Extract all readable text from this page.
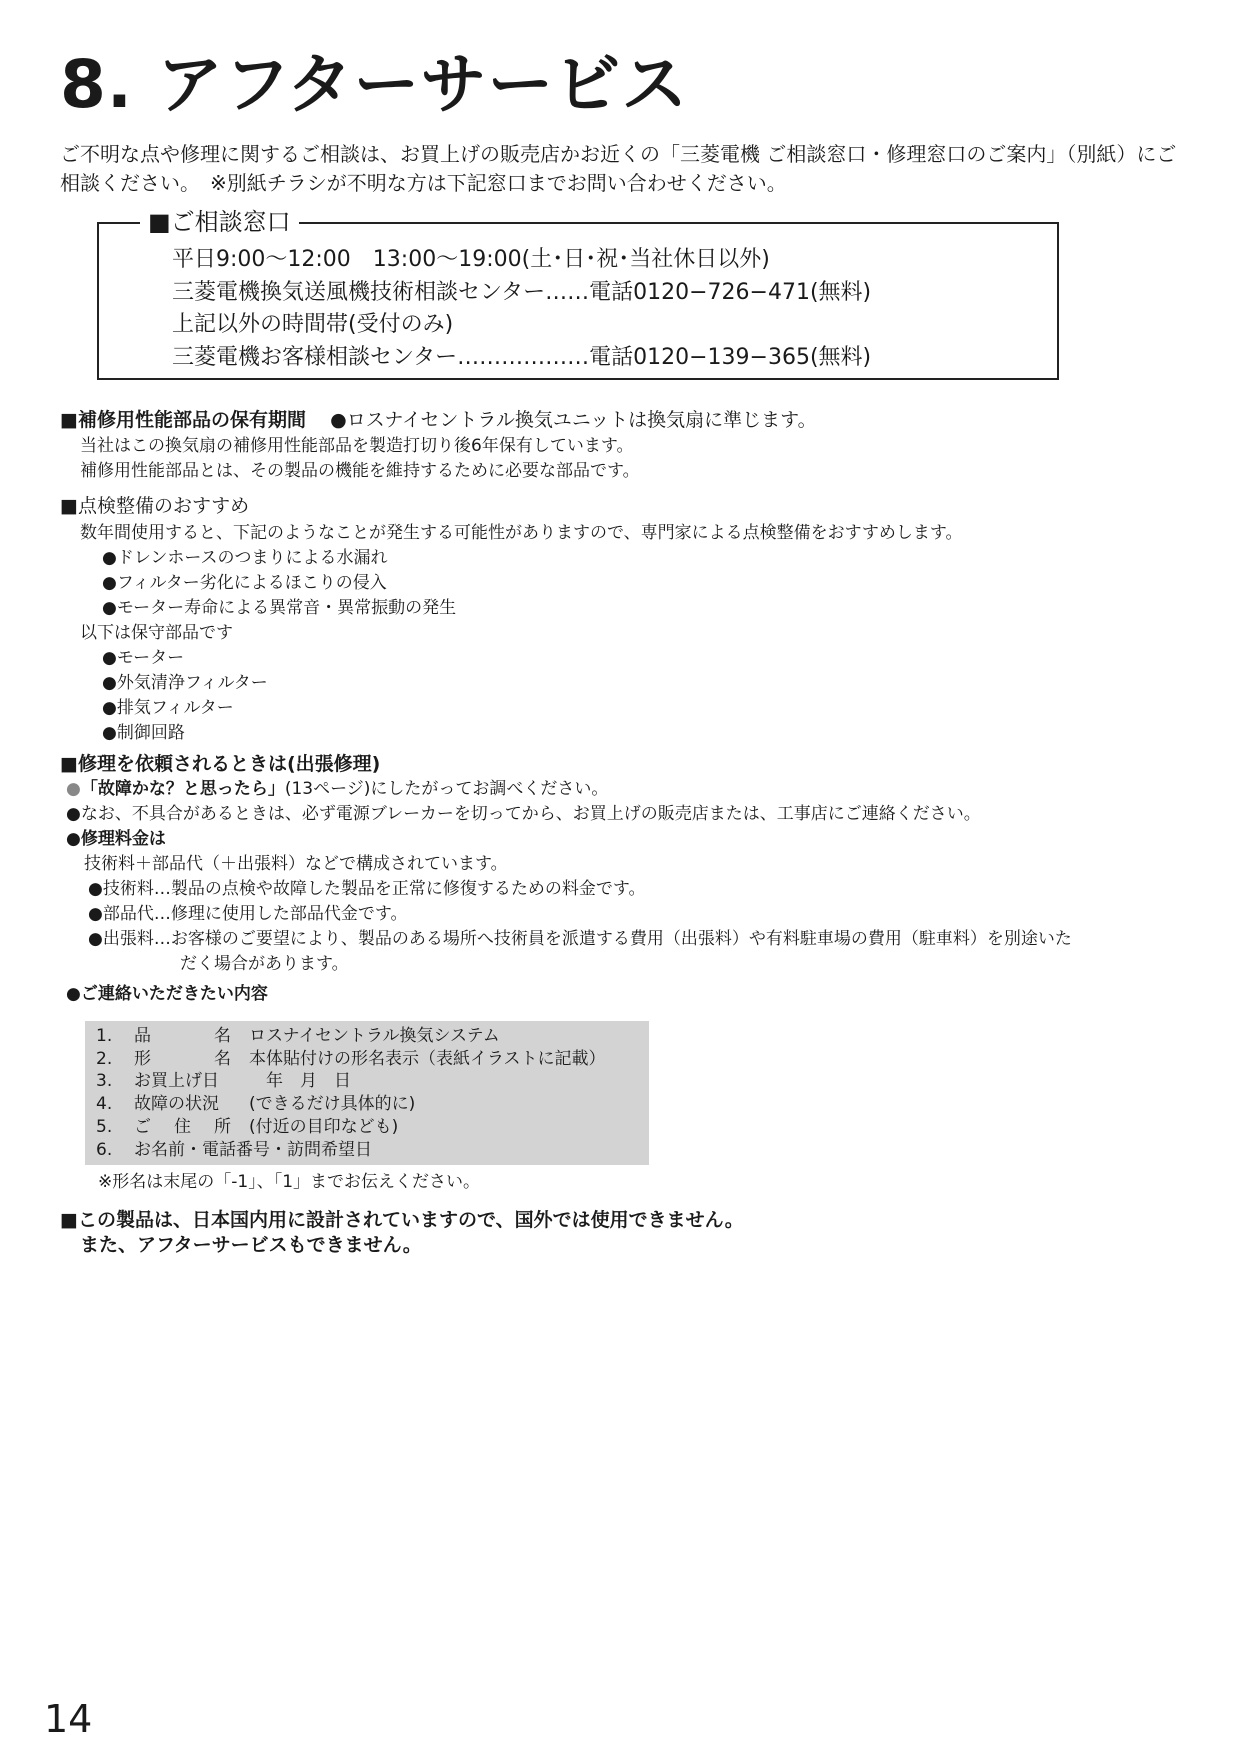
8. アフターサービス
ご不明な点や修理に関するご相談は、お買上げの販売店かお近くの「三菱電機 ご相談窓口・修理窓口のご案内」（別紙）にご相談ください。　※別紙チラシが不明な方は下記窓口までお問い合わせください。
■ご相談窓口
平日9:00～12:00　13:00～19:00(土･日･祝･当社休日以外)
三菱電機換気送風機技術相談センター……電話0120−726−471(無料)
上記以外の時間帯(受付のみ)
三菱電機お客様相談センター………………電話0120−139−365(無料)
■補修用性能部品の保有期間 ●ロスナイセントラル換気ユニットは換気扇に準じます。
当社はこの換気扇の補修用性能部品を製造打切り後6年保有しています。
補修用性能部品とは、その製品の機能を維持するために必要な部品です。
■点検整備のおすすめ
数年間使用すると、下記のようなことが発生する可能性がありますので、専門家による点検整備をおすすめします。
●ドレンホースのつまりによる水漏れ
●フィルター劣化によるほこりの侵入
●モーター寿命による異常音・異常振動の発生
以下は保守部品です
●モーター
●外気清浄フィルター
●排気フィルター
●制御回路
■修理を依頼されるときは(出張修理)
●「故障かな？と思ったら」(13ページ)にしたがってお調べください。
●なお、不具合があるときは、必ず電源ブレーカーを切ってから、お買上げの販売店または、工事店にご連絡ください。
●修理料金は
技術料＋部品代（＋出張料）などで構成されています。
●技術料…製品の点検や故障した製品を正常に修復するための料金です。
●部品代…修理に使用した部品代金です。
●出張料…お客様のご要望により、製品のある場所へ技術員を派遣する費用（出張料）や有料駐車場の費用（駐車料）を別途いた
だく場合があります。
●ご連絡いただきたい内容
1.	品	名 ロスナイセントラル換気システム
2.	形	名 本体貼付けの形名表示（表紙イラストに記載）
3.	お買上げ日 　年　月　日
4.	故障の状況 (できるだけ具体的に)
5.	ご 住 所 (付近の目印なども)
6.	お名前・電話番号・訪問希望日
※形名は末尾の「-1」、「1」までお伝えください。
■この製品は、日本国内用に設計されていますので、国外では使用できません。
また、アフターサービスもできません。
14
